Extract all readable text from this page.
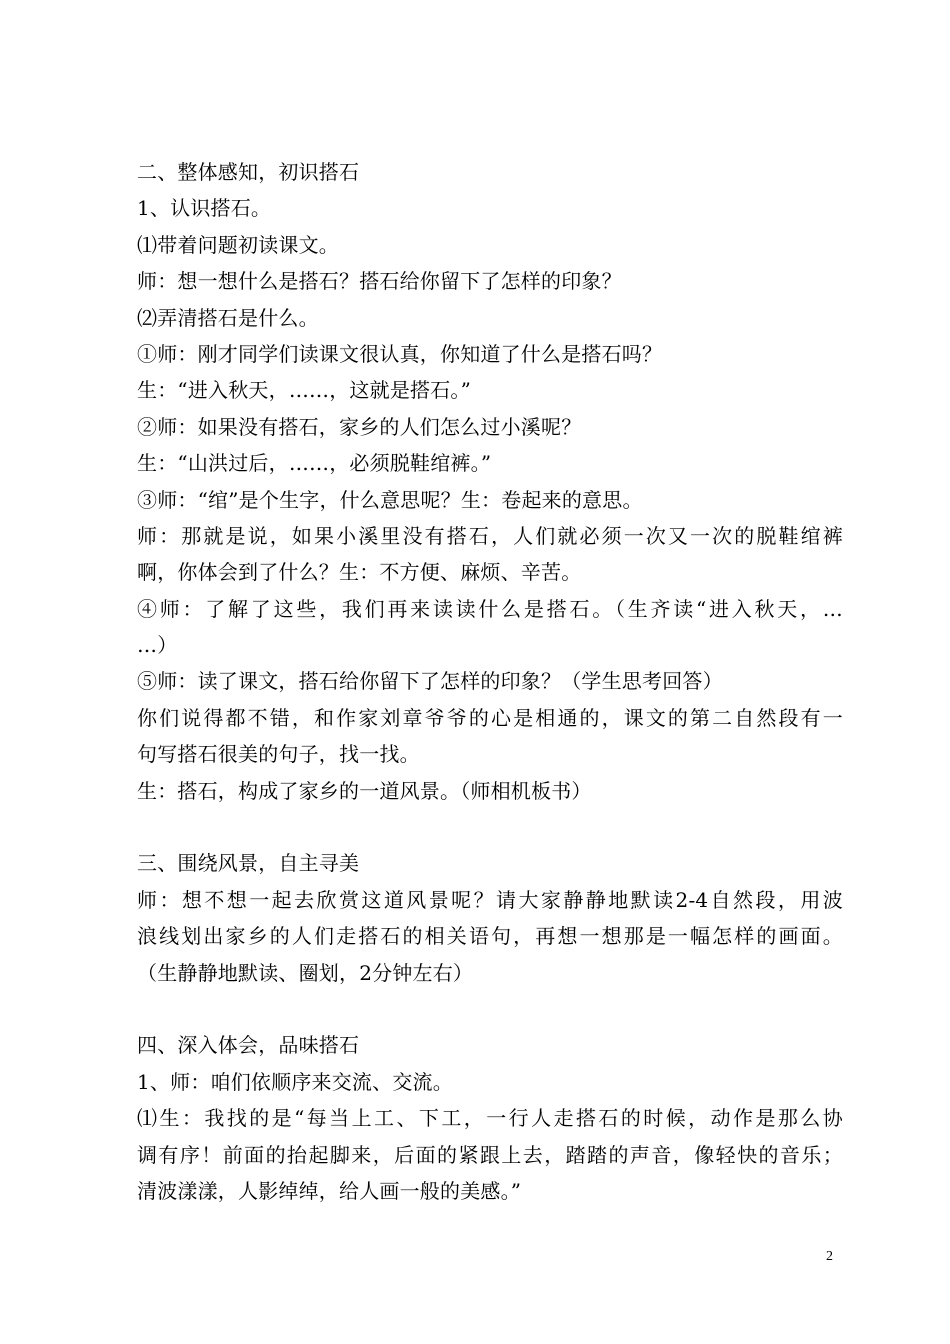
二、整体感知，初识搭石
1、认识搭石。
⑴带着问题初读课文。
师：想一想什么是搭石？搭石给你留下了怎样的印象？
⑵弄清搭石是什么。
①师：刚才同学们读课文很认真，你知道了什么是搭石吗？
生：“进入秋天，……，这就是搭石。”
②师：如果没有搭石，家乡的人们怎么过小溪呢？
生：“山洪过后，……，必须脱鞋绾裤。”
③师：“绾”是个生字，什么意思呢？生：卷起来的意思。
师：那就是说，如果小溪里没有搭石，人们就必须一次又一次的脱鞋绾裤
啊，你体会到了什么？生：不方便、麻烦、辛苦。
④师：了解了这些，我们再来读读什么是搭石。（生齐读“进入秋天，…
…）
⑤师：读了课文，搭石给你留下了怎样的印象？（学生思考回答）
你们说得都不错，和作家刘章爷爷的心是相通的，课文的第二自然段有一
句写搭石很美的句子，找一找。
生：搭石，构成了家乡的一道风景。（师相机板书）
三、围绕风景，自主寻美
师：想不想一起去欣赏这道风景呢？请大家静静地默读2-4自然段，用波
浪线划出家乡的人们走搭石的相关语句，再想一想那是一幅怎样的画面。
（生静静地默读、圈划，2分钟左右）
四、深入体会，品味搭石
1、师：咱们依顺序来交流、交流。
⑴生：我找的是“每当上工、下工，一行人走搭石的时候，动作是那么协
调有序！前面的抬起脚来，后面的紧跟上去，踏踏的声音，像轻快的音乐；
清波漾漾，人影绰绰，给人画一般的美感。”
2
